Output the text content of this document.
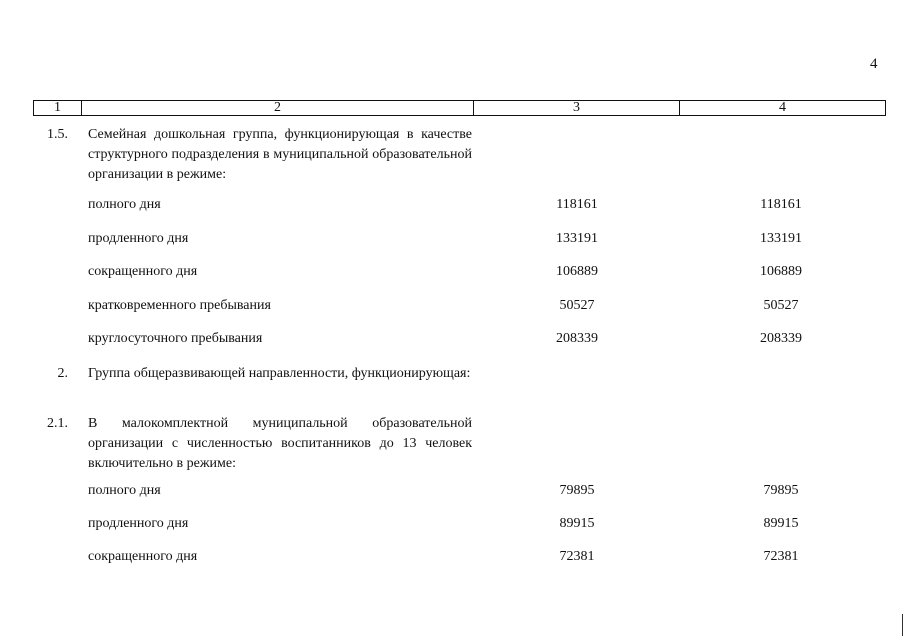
4
1	2	3	4
1.5. Семейная дошкольная группа, функционирующая в качестве структурного подразделения в муниципальной образовательной организации в режиме:
полного дня	118161	118161
продленного дня	133191	133191
сокращенного дня	106889	106889
кратковременного пребывания	50527	50527
круглосуточного пребывания	208339	208339
2. Группа общеразвивающей направленности, функционирующая:
2.1. В малокомплектной муниципальной образовательной организации с численностью воспитанников до 13 человек включительно в режиме:
полного дня	79895	79895
продленного дня	89915	89915
сокращенного дня	72381	72381
